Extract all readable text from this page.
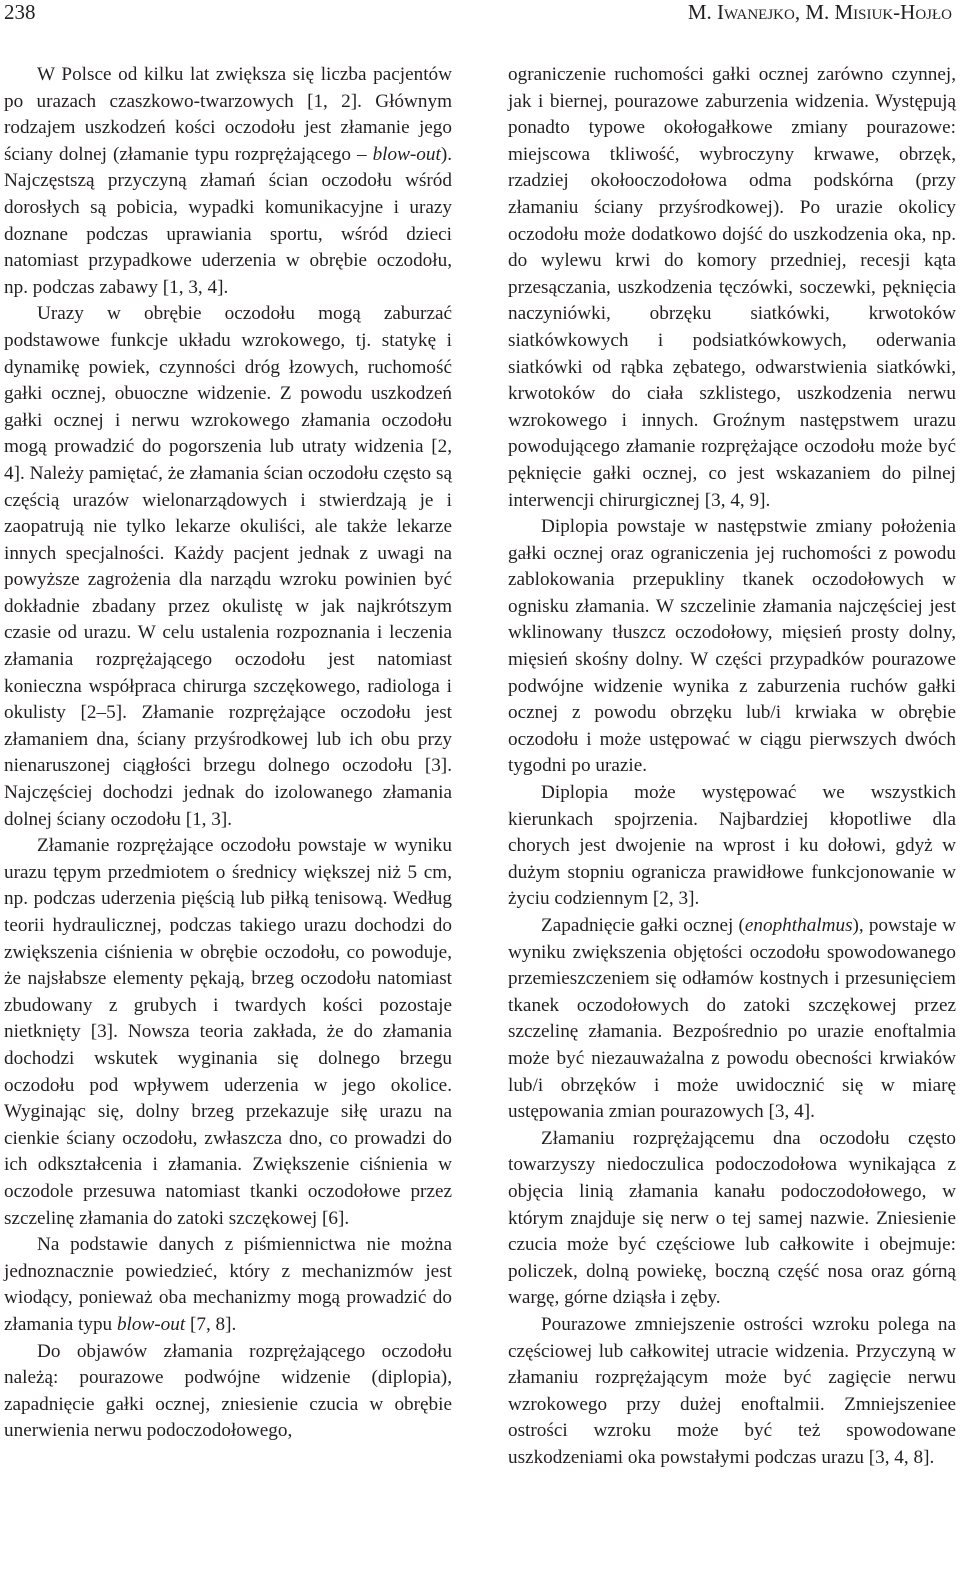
238	M. Iwanejko, M. Misiuk-Hojło

W Polsce od kilku lat zwiększa się liczba pacjentów po urazach czaszkowo-twarzowych [1, 2]. Głównym rodzajem uszkodzeń kości oczodołu jest złamanie jego ściany dolnej (złamanie typu rozprężającego – blow-out). Najczęstszą przyczyną złamań ścian oczodołu wśród dorosłych są pobicia, wypadki komunikacyjne i urazy doznane podczas uprawiania sportu, wśród dzieci natomiast przypadkowe uderzenia w obrębie oczodołu, np. podczas zabawy [1, 3, 4].

Urazy w obrębie oczodołu mogą zaburzać podstawowe funkcje układu wzrokowego, tj. statykę i dynamikę powiek, czynności dróg łzowych, ruchomość gałki ocznej, obuoczne widzenie. Z powodu uszkodzeń gałki ocznej i nerwu wzrokowego złamania oczodołu mogą prowadzić do pogorszenia lub utraty widzenia [2, 4]. Należy pamiętać, że złamania ścian oczodołu często są częścią urazów wielonarządowych i stwierdzają je i zaopatrują nie tylko lekarze okuliści, ale także lekarze innych specjalności. Każdy pacjent jednak z uwagi na powyższe zagrożenia dla narządu wzroku powinien być dokładnie zbadany przez okulistę w jak najkrótszym czasie od urazu. W celu ustalenia rozpoznania i leczenia złamania rozprężającego oczodołu jest natomiast konieczna współpraca chirurga szczękowego, radiologa i okulisty [2–5]. Złamanie rozprężające oczodołu jest złamaniem dna, ściany przyśrodkowej lub ich obu przy nienaruszonej ciągłości brzegu dolnego oczodołu [3]. Najczęściej dochodzi jednak do izolowanego złamania dolnej ściany oczodołu [1, 3].

Złamanie rozprężające oczodołu powstaje w wyniku urazu tępym przedmiotem o średnicy większej niż 5 cm, np. podczas uderzenia pięścią lub piłką tenisową. Według teorii hydraulicznej, podczas takiego urazu dochodzi do zwiększenia ciśnienia w obrębie oczodołu, co powoduje, że najsłabsze elementy pękają, brzeg oczodołu natomiast zbudowany z grubych i twardych kości pozostaje nietknięty [3]. Nowsza teoria zakłada, że do złamania dochodzi wskutek wyginania się dolnego brzegu oczodołu pod wpływem uderzenia w jego okolice. Wyginając się, dolny brzeg przekazuje siłę urazu na cienkie ściany oczodołu, zwłaszcza dno, co prowadzi do ich odkształcenia i złamania. Zwiększenie ciśnienia w oczodole przesuwa natomiast tkanki oczodołowe przez szczelinę złamania do zatoki szczękowej [6].

Na podstawie danych z piśmiennictwa nie można jednoznacznie powiedzieć, który z mechanizmów jest wiodący, ponieważ oba mechanizmy mogą prowadzić do złamania typu blow-out [7, 8].

Do objawów złamania rozprężającego oczodołu należą: pourazowe podwójne widzenie (diplopia), zapadnięcie gałki ocznej, zniesienie czucia w obrębie unerwienia nerwu podoczodołowego,

ograniczenie ruchomości gałki ocznej zarówno czynnej, jak i biernej, pourazowe zaburzenia widzenia. Występują ponadto typowe okołogałkowe zmiany pourazowe: miejscowa tkliwość, wybroczyny krwawe, obrzęk, rzadziej okołooczodołowa odma podskórna (przy złamaniu ściany przyśrodkowej). Po urazie okolicy oczodołu może dodatkowo dojść do uszkodzenia oka, np. do wylewu krwi do komory przedniej, recesji kąta przesączania, uszkodzenia tęczówki, soczewki, pęknięcia naczyniówki, obrzęku siatkówki, krwotoków siatkówkowych i podsiatkówkowych, oderwania siatkówki od rąbka zębatego, odwarstwienia siatkówki, krwotoków do ciała szklistego, uszkodzenia nerwu wzrokowego i innych. Groźnym następstwem urazu powodującego złamanie rozprężające oczodołu może być pęknięcie gałki ocznej, co jest wskazaniem do pilnej interwencji chirurgicznej [3, 4, 9].

Diplopia powstaje w następstwie zmiany położenia gałki ocznej oraz ograniczenia jej ruchomości z powodu zablokowania przepukliny tkanek oczodołowych w ognisku złamania. W szczelinie złamania najczęściej jest wklinowany tłuszcz oczodołowy, mięsień prosty dolny, mięsień skośny dolny. W części przypadków pourazowe podwójne widzenie wynika z zaburzenia ruchów gałki ocznej z powodu obrzęku lub/i krwiaka w obrębie oczodołu i może ustępować w ciągu pierwszych dwóch tygodni po urazie.

Diplopia może występować we wszystkich kierunkach spojrzenia. Najbardziej kłopotliwe dla chorych jest dwojenie na wprost i ku dołowi, gdyż w dużym stopniu ogranicza prawidłowe funkcjonowanie w życiu codziennym [2, 3].

Zapadnięcie gałki ocznej (enophthalmus), powstaje w wyniku zwiększenia objętości oczodołu spowodowanego przemieszczeniem się odłamów kostnych i przesunięciem tkanek oczodołowych do zatoki szczękowej przez szczelinę złamania. Bezpośrednio po urazie enoftalmia może być niezauważalna z powodu obecności krwiaków lub/i obrzęków i może uwidocznić się w miarę ustępowania zmian pourazowych [3, 4].

Złamaniu rozprężającemu dna oczodołu często towarzyszy niedoczulica podoczodołowa wynikająca z objęcia linią złamania kanału podoczodołowego, w którym znajduje się nerw o tej samej nazwie. Zniesienie czucia może być częściowe lub całkowite i obejmuje: policzek, dolną powiekę, boczną część nosa oraz górną wargę, górne dziąsła i zęby.

Pourazowe zmniejszenie ostrości wzroku polega na częściowej lub całkowitej utracie widzenia. Przyczyną w złamaniu rozprężającym może być zagięcie nerwu wzrokowego przy dużej enoftalmii. Zmniejszeniee ostrości wzroku może być też spowodowane uszkodzeniami oka powstałymi podczas urazu [3, 4, 8].
